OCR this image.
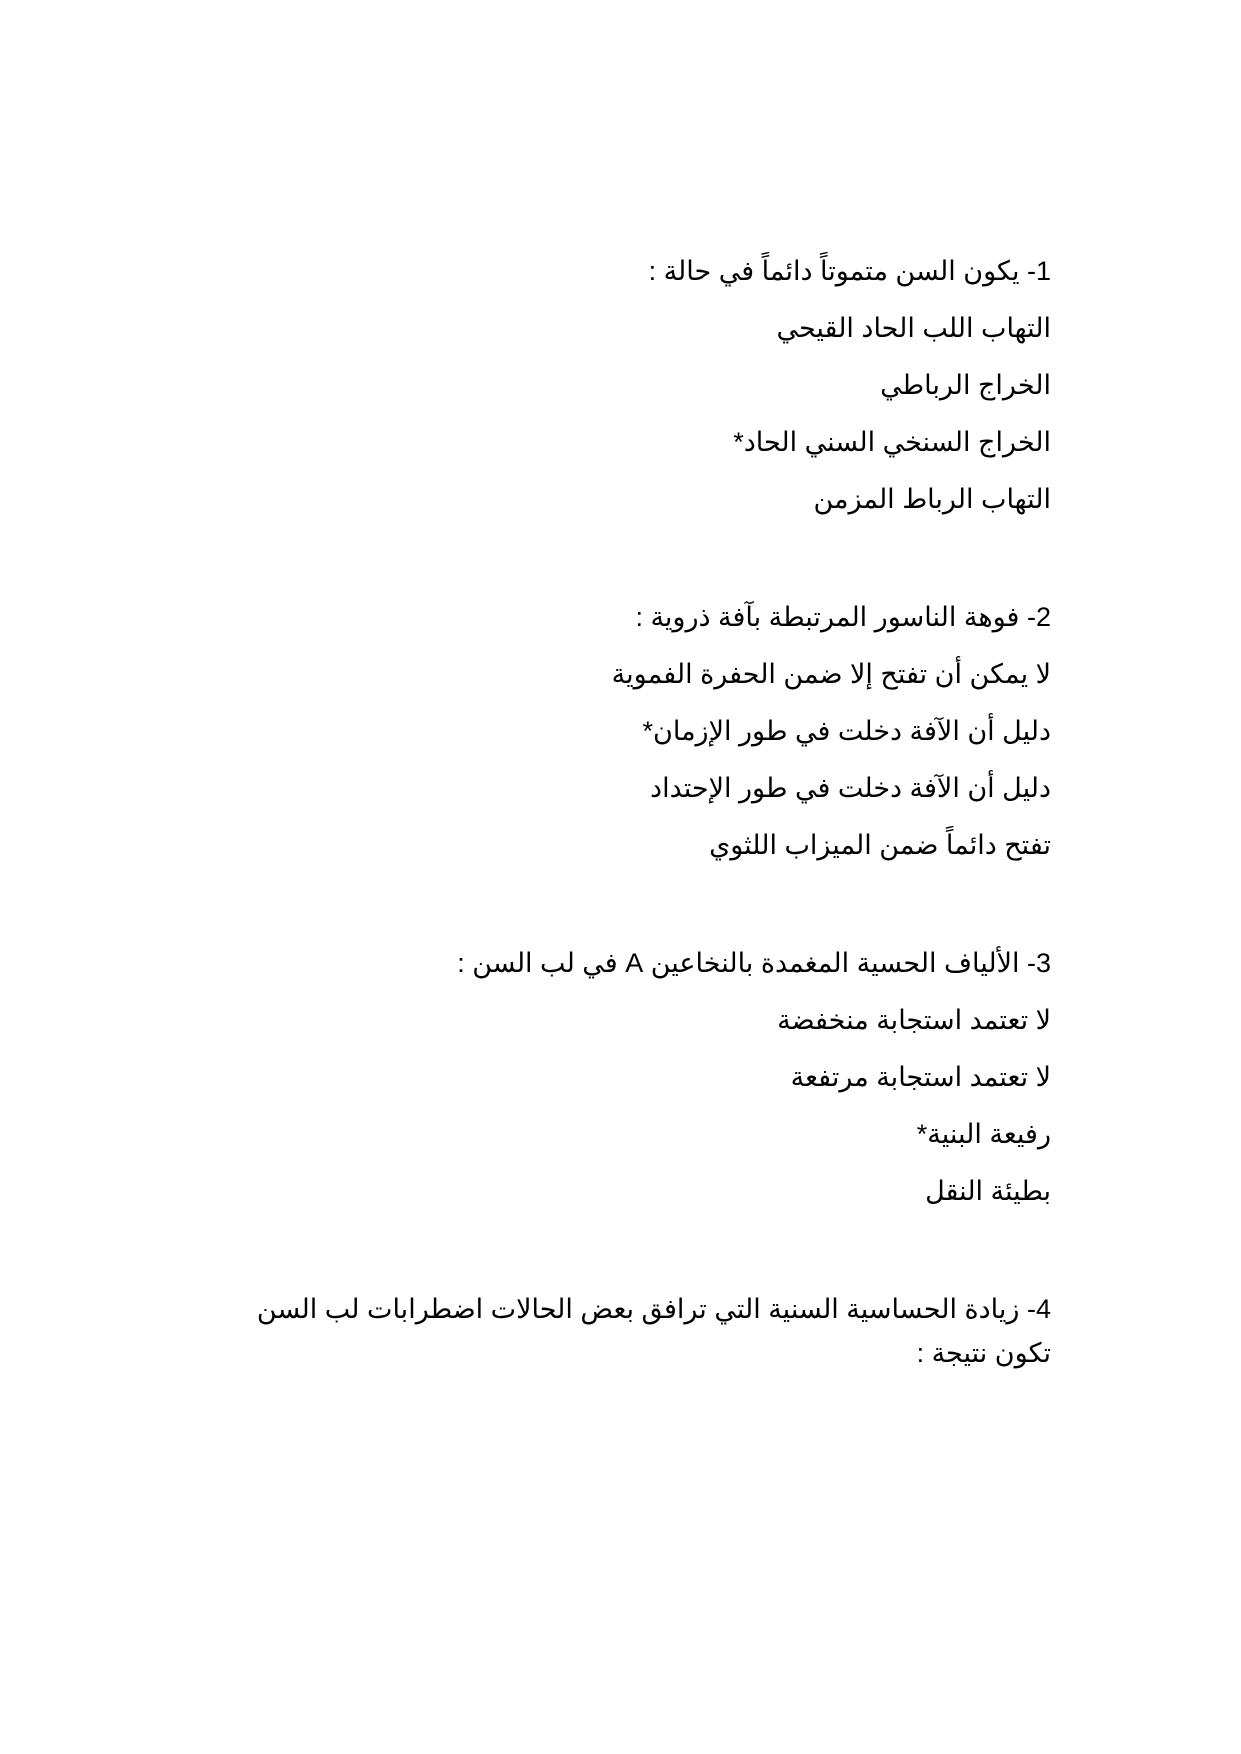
1- يكون السن متموتاً دائماً في حالة :
التهاب اللب الحاد القيحي
الخراج الرباطي
الخراج السنخي السني الحاد*
التهاب الرباط المزمن
2- فوهة الناسور المرتبطة بآفة ذروية :
لا يمكن أن تفتح إلا ضمن الحفرة الفموية
دليل أن الآفة دخلت في طور الإزمان*
دليل أن الآفة دخلت في طور الإحتداد
تفتح دائماً ضمن الميزاب اللثوي
3- الألياف الحسية المغمدة بالنخاعين A في لب السن :
لا تعتمد استجابة منخفضة
لا تعتمد استجابة مرتفعة
رفيعة البنية*
بطيئة النقل
4- زيادة الحساسية السنية التي ترافق بعض الحالات اضطرابات لب السن تكون نتيجة :
